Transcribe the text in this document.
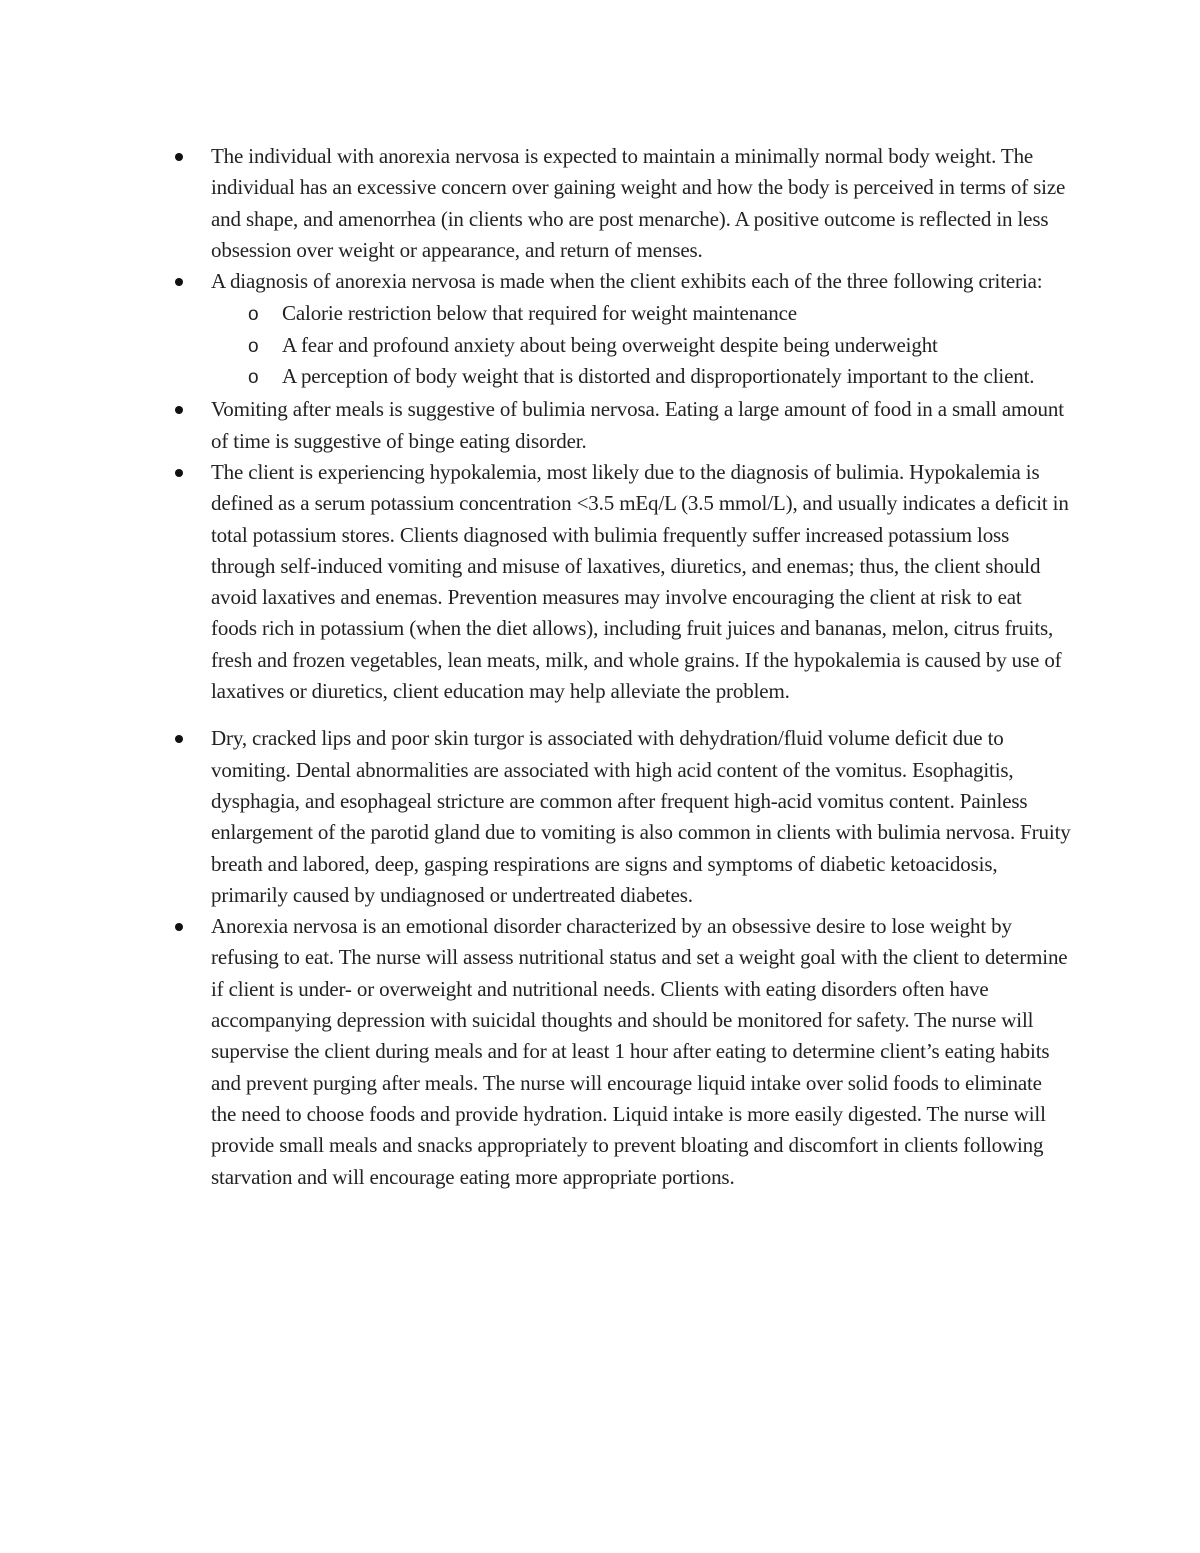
The individual with anorexia nervosa is expected to maintain a minimally normal body weight. The individual has an excessive concern over gaining weight and how the body is perceived in terms of size and shape, and amenorrhea (in clients who are post menarche). A positive outcome is reflected in less obsession over weight or appearance, and return of menses.
A diagnosis of anorexia nervosa is made when the client exhibits each of the three following criteria:
o Calorie restriction below that required for weight maintenance
o A fear and profound anxiety about being overweight despite being underweight
o A perception of body weight that is distorted and disproportionately important to the client.
Vomiting after meals is suggestive of bulimia nervosa. Eating a large amount of food in a small amount of time is suggestive of binge eating disorder.
The client is experiencing hypokalemia, most likely due to the diagnosis of bulimia. Hypokalemia is defined as a serum potassium concentration <3.5 mEq/L (3.5 mmol/L), and usually indicates a deficit in total potassium stores. Clients diagnosed with bulimia frequently suffer increased potassium loss through self-induced vomiting and misuse of laxatives, diuretics, and enemas; thus, the client should avoid laxatives and enemas. Prevention measures may involve encouraging the client at risk to eat foods rich in potassium (when the diet allows), including fruit juices and bananas, melon, citrus fruits, fresh and frozen vegetables, lean meats, milk, and whole grains. If the hypokalemia is caused by use of laxatives or diuretics, client education may help alleviate the problem.
Dry, cracked lips and poor skin turgor is associated with dehydration/fluid volume deficit due to vomiting. Dental abnormalities are associated with high acid content of the vomitus. Esophagitis, dysphagia, and esophageal stricture are common after frequent high-acid vomitus content. Painless enlargement of the parotid gland due to vomiting is also common in clients with bulimia nervosa. Fruity breath and labored, deep, gasping respirations are signs and symptoms of diabetic ketoacidosis, primarily caused by undiagnosed or undertreated diabetes.
Anorexia nervosa is an emotional disorder characterized by an obsessive desire to lose weight by refusing to eat. The nurse will assess nutritional status and set a weight goal with the client to determine if client is under- or overweight and nutritional needs. Clients with eating disorders often have accompanying depression with suicidal thoughts and should be monitored for safety. The nurse will supervise the client during meals and for at least 1 hour after eating to determine client’s eating habits and prevent purging after meals. The nurse will encourage liquid intake over solid foods to eliminate the need to choose foods and provide hydration. Liquid intake is more easily digested. The nurse will provide small meals and snacks appropriately to prevent bloating and discomfort in clients following starvation and will encourage eating more appropriate portions.
